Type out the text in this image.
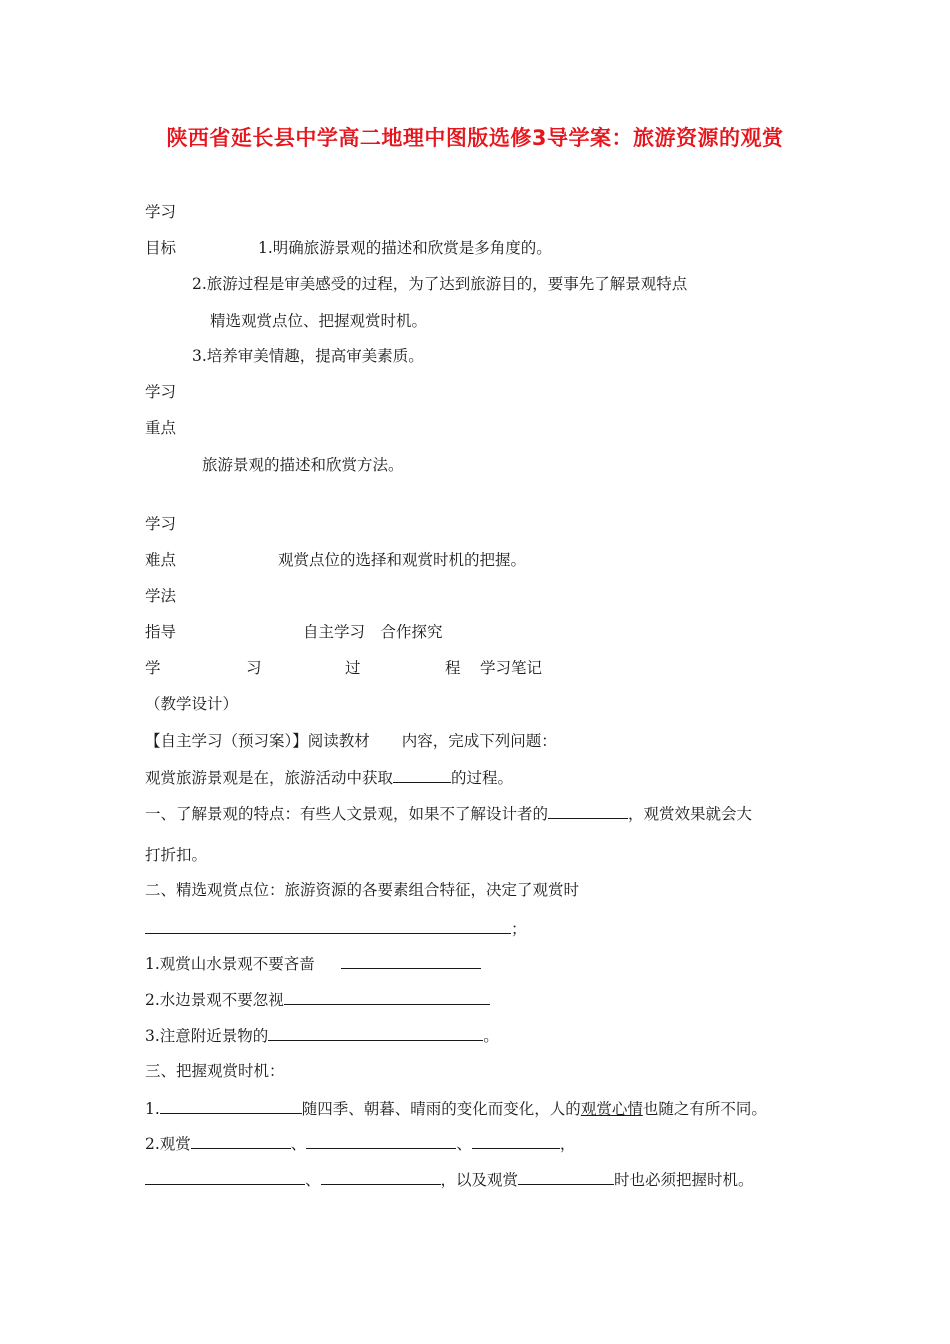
陕西省延长县中学高二地理中图版选修3导学案：旅游资源的观赏
学习
目标	1.明确旅游景观的描述和欣赏是多角度的。
2.旅游过程是审美感受的过程，为了达到旅游目的，要事先了解景观特点
精选观赏点位、把握观赏时机。
3.培养审美情趣，提高审美素质。
学习
重点
旅游景观的描述和欣赏方法。
学习
难点	观赏点位的选择和观赏时机的把握。
学法
指导	自主学习　合作探究
学	习	过	程 学习笔记
（教学设计）
【自主学习（预习案）】阅读教材 内容，完成下列问题：
观赏旅游景观是在，旅游活动中获取	的过程。
一、了解景观的特点：有些人文景观，如果不了解设计者的	，观赏效果就会大
打折扣。
二、精选观赏点位：旅游资源的各要素组合特征，决定了观赏时
；
1.观赏山水景观不要吝啬
2.水边景观不要忽视
3.注意附近景物的	。
三、把握观赏时机：
1.	随四季、朝暮、晴雨的变化而变化，人的观赏心情也随之有所不同。
2.观赏	、	、	，
、	，以及观赏	时也必须把握时机。
